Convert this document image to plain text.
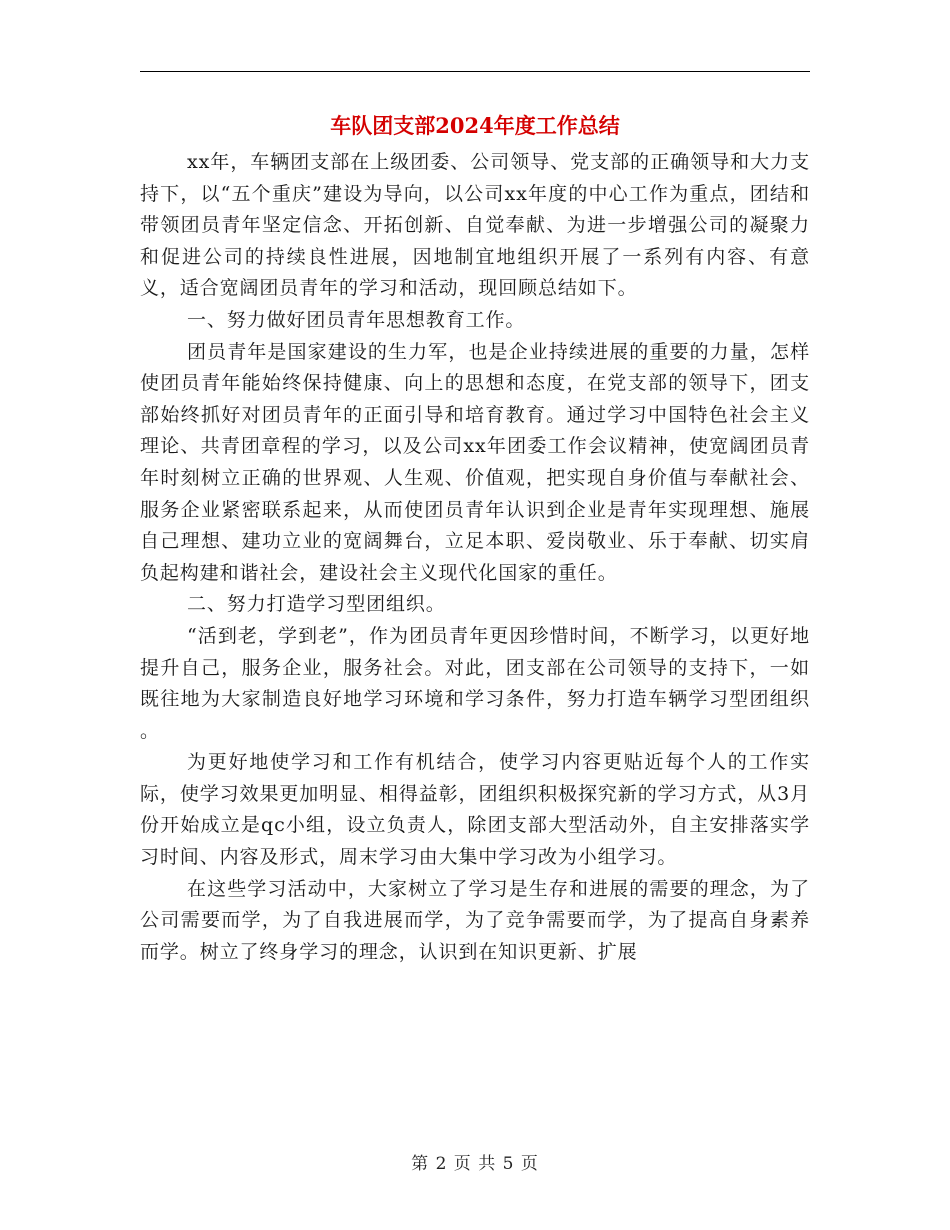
车队团支部2024年度工作总结

xx年，车辆团支部在上级团委、公司领导、党支部的正确领导和大力支持下，以“五个重庆”建设为导向，以公司xx年度的中心工作为重点，团结和带领团员青年坚定信念、开拓创新、自觉奉献、为进一步增强公司的凝聚力和促进公司的持续良性进展，因地制宜地组织开展了一系列有内容、有意义，适合宽阔团员青年的学习和活动，现回顾总结如下。

一、努力做好团员青年思想教育工作。

团员青年是国家建设的生力军，也是企业持续进展的重要的力量，怎样使团员青年能始终保持健康、向上的思想和态度，在党支部的领导下，团支部始终抓好对团员青年的正面引导和培育教育。通过学习中国特色社会主义理论、共青团章程的学习，以及公司xx年团委工作会议精神，使宽阔团员青年时刻树立正确的世界观、人生观、价值观，把实现自身价值与奉献社会、服务企业紧密联系起来，从而使团员青年认识到企业是青年实现理想、施展自己理想、建功立业的宽阔舞台，立足本职、爱岗敬业、乐于奉献、切实肩负起构建和谐社会，建设社会主义现代化国家的重任。

二、努力打造学习型团组织。

“活到老，学到老”，作为团员青年更因珍惜时间，不断学习，以更好地提升自己，服务企业，服务社会。对此，团支部在公司领导的支持下，一如既往地为大家制造良好地学习环境和学习条件，努力打造车辆学习型团组织 。

为更好地使学习和工作有机结合，使学习内容更贴近每个人的工作实际，使学习效果更加明显、相得益彰，团组织积极探究新的学习方式，从3月份开始成立是qc小组，设立负责人，除团支部大型活动外，自主安排落实学习时间、内容及形式，周末学习由大集中学习改为小组学习。

在这些学习活动中，大家树立了学习是生存和进展的需要的理念，为了公司需要而学，为了自我进展而学，为了竞争需要而学，为了提高自身素养而学。树立了终身学习的理念，认识到在知识更新、扩展

第 2 页 共 5 页
